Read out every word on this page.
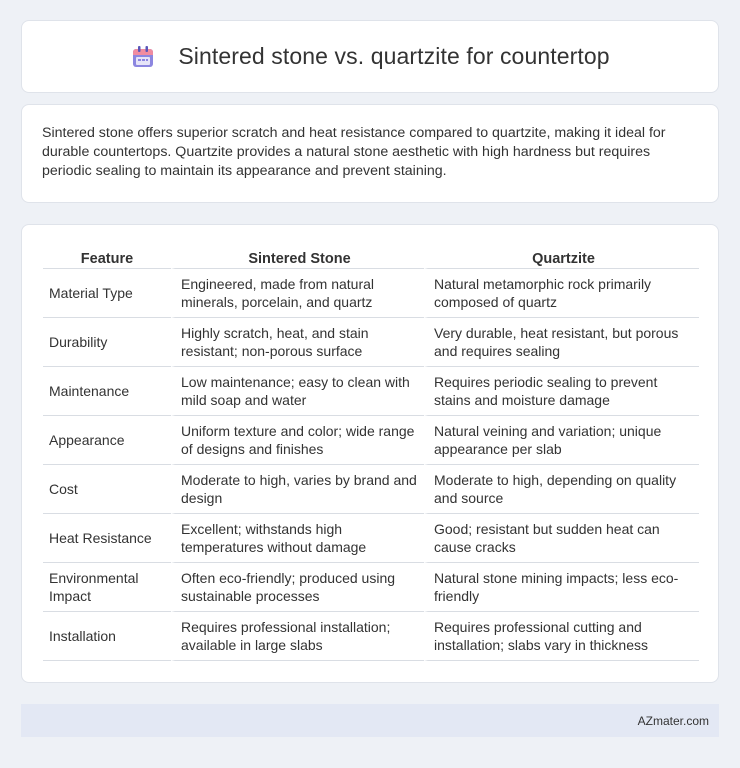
Sintered stone vs. quartzite for countertop

Sintered stone offers superior scratch and heat resistance compared to quartzite, making it ideal for durable countertops. Quartzite provides a natural stone aesthetic with high hardness but requires periodic sealing to maintain its appearance and prevent staining.

Feature	Sintered Stone	Quartzite
Material Type	Engineered, made from natural minerals, porcelain, and quartz	Natural metamorphic rock primarily composed of quartz
Durability	Highly scratch, heat, and stain resistant; non-porous surface	Very durable, heat resistant, but porous and requires sealing
Maintenance	Low maintenance; easy to clean with mild soap and water	Requires periodic sealing to prevent stains and moisture damage
Appearance	Uniform texture and color; wide range of designs and finishes	Natural veining and variation; unique appearance per slab
Cost	Moderate to high, varies by brand and design	Moderate to high, depending on quality and source
Heat Resistance	Excellent; withstands high temperatures without damage	Good; resistant but sudden heat can cause cracks
Environmental Impact	Often eco-friendly; produced using sustainable processes	Natural stone mining impacts; less eco-friendly
Installation	Requires professional installation; available in large slabs	Requires professional cutting and installation; slabs vary in thickness
AZmater.com
